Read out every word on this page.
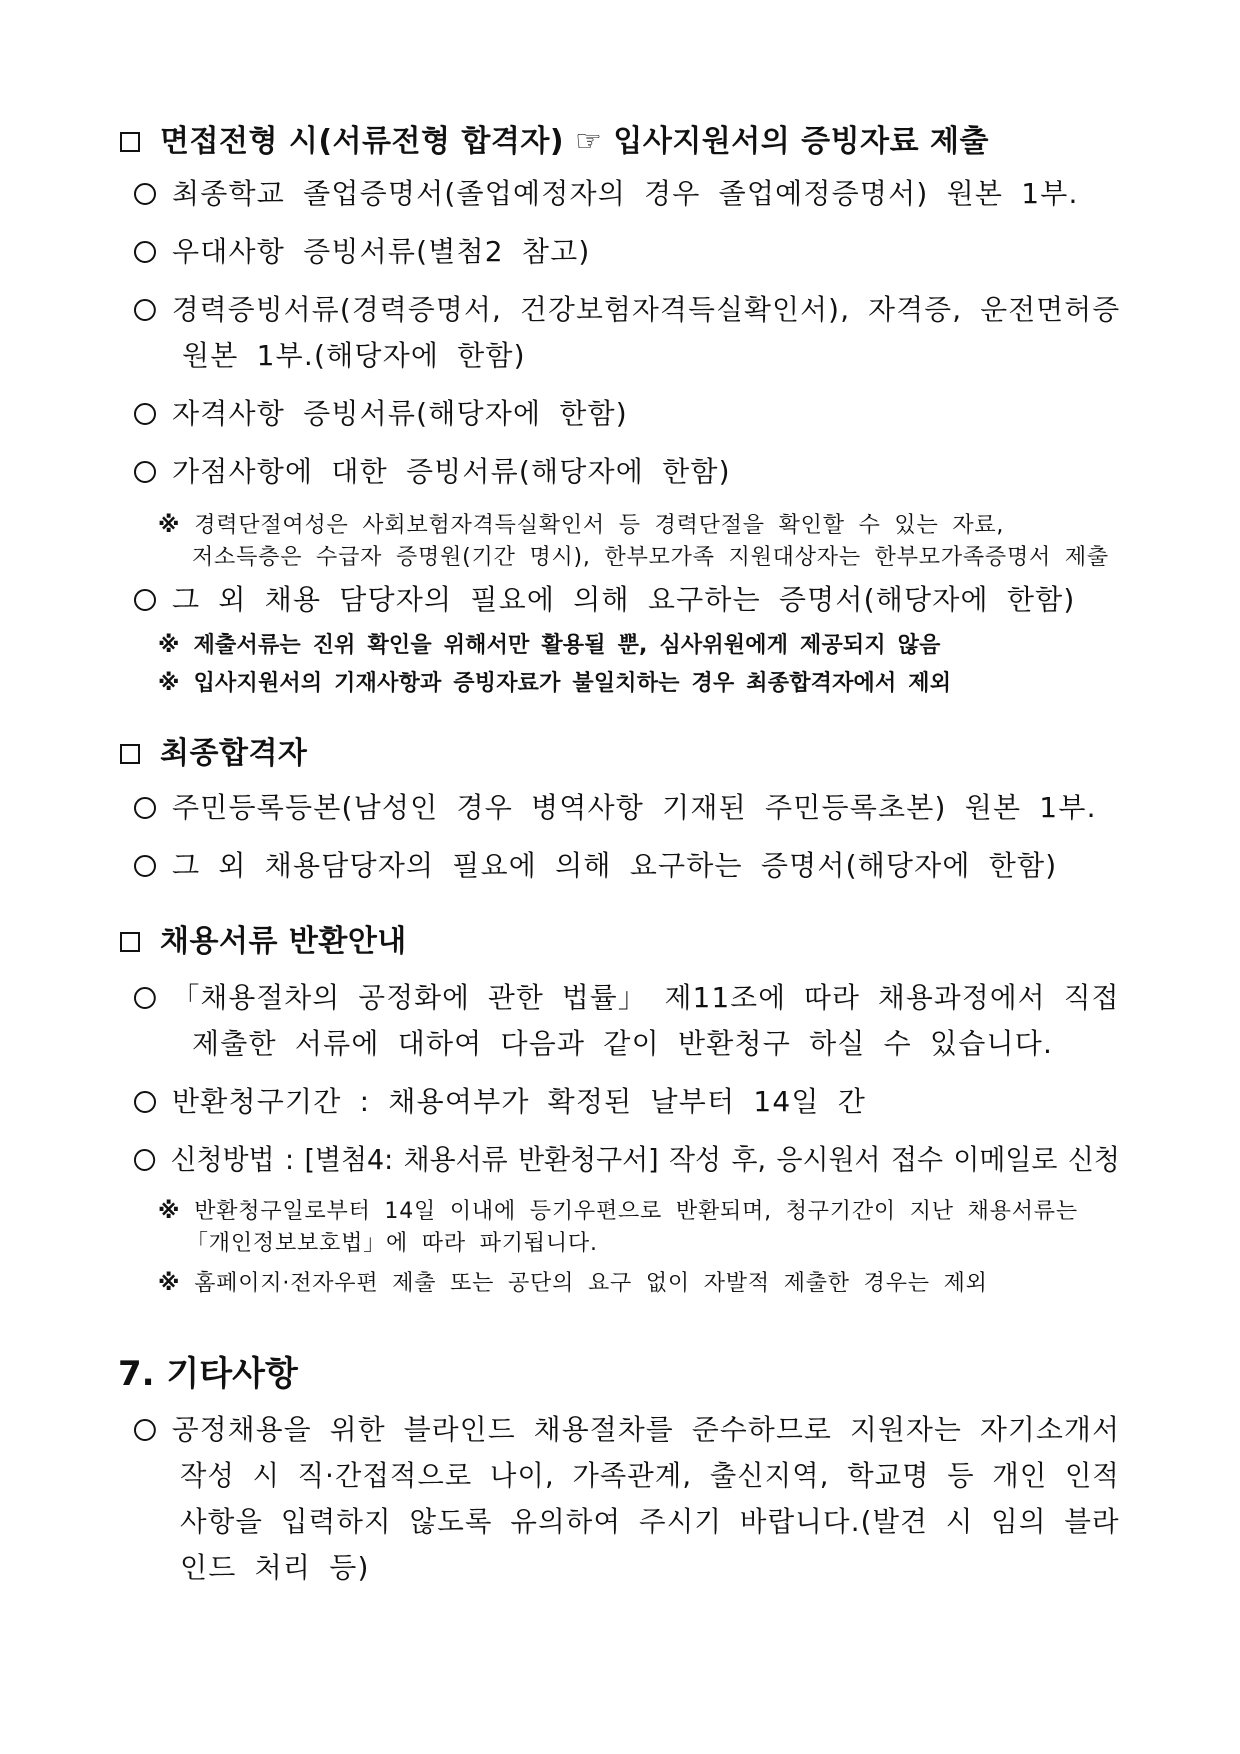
면접전형 시(서류전형 합격자) ☞ 입사지원서의 증빙자료 제출
최종학교 졸업증명서(졸업예정자의 경우 졸업예정증명서) 원본 1부.
우대사항 증빙서류(별첨2 참고)
경력증빙서류(경력증명서, 건강보험자격득실확인서), 자격증, 운전면허증
원본 1부.(해당자에 한함)
자격사항 증빙서류(해당자에 한함)
가점사항에 대한 증빙서류(해당자에 한함)
※ 경력단절여성은 사회보험자격득실확인서 등 경력단절을 확인할 수 있는 자료,
저소득층은 수급자 증명원(기간 명시), 한부모가족 지원대상자는 한부모가족증명서 제출
그 외 채용 담당자의 필요에 의해 요구하는 증명서(해당자에 한함)
※ 제출서류는 진위 확인을 위해서만 활용될 뿐, 심사위원에게 제공되지 않음
※ 입사지원서의 기재사항과 증빙자료가 불일치하는 경우 최종합격자에서 제외
최종합격자
주민등록등본(남성인 경우 병역사항 기재된 주민등록초본) 원본 1부.
그 외 채용담당자의 필요에 의해 요구하는 증명서(해당자에 한함)
채용서류 반환안내
「채용절차의 공정화에 관한 법률」 제11조에 따라 채용과정에서 직접
제출한 서류에 대하여 다음과 같이 반환청구 하실 수 있습니다.
반환청구기간 : 채용여부가 확정된 날부터 14일 간
신청방법 : [별첨4: 채용서류 반환청구서] 작성 후, 응시원서 접수 이메일로 신청
※ 반환청구일로부터 14일 이내에 등기우편으로 반환되며, 청구기간이 지난 채용서류는
「개인정보보호법」에 따라 파기됩니다.
※ 홈페이지·전자우편 제출 또는 공단의 요구 없이 자발적 제출한 경우는 제외
7. 기타사항
공정채용을 위한 블라인드 채용절차를 준수하므로 지원자는 자기소개서
작성 시 직·간접적으로 나이, 가족관계, 출신지역, 학교명 등 개인 인적
사항을 입력하지 않도록 유의하여 주시기 바랍니다.(발견 시 임의 블라
인드 처리 등)
